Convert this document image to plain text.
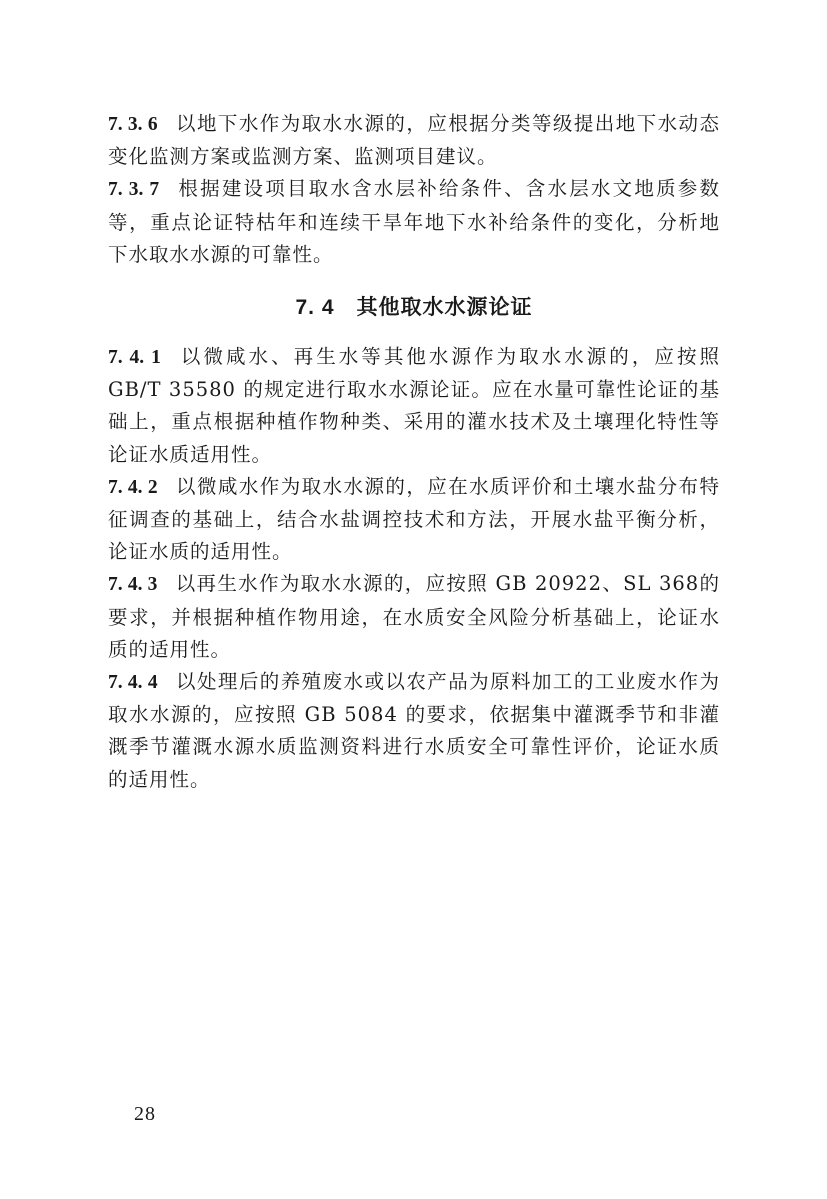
7. 3. 6 以地下水作为取水水源的，应根据分类等级提出地下水动态变化监测方案或监测方案、监测项目建议。

7. 3. 7 根据建设项目取水含水层补给条件、含水层水文地质参数等，重点论证特枯年和连续干旱年地下水补给条件的变化，分析地下水取水水源的可靠性。

7. 4 其他取水水源论证

7. 4. 1 以微咸水、再生水等其他水源作为取水水源的，应按照GB/T 35580 的规定进行取水水源论证。应在水量可靠性论证的基础上，重点根据种植作物种类、采用的灌水技术及土壤理化特性等论证水质适用性。

7. 4. 2 以微咸水作为取水水源的，应在水质评价和土壤水盐分布特征调查的基础上，结合水盐调控技术和方法，开展水盐平衡分析，论证水质的适用性。

7. 4. 3 以再生水作为取水水源的，应按照 GB 20922、SL 368的要求，并根据种植作物用途，在水质安全风险分析基础上，论证水质的适用性。

7. 4. 4 以处理后的养殖废水或以农产品为原料加工的工业废水作为取水水源的，应按照 GB 5084 的要求，依据集中灌溉季节和非灌溉季节灌溉水源水质监测资料进行水质安全可靠性评价，论证水质的适用性。

28
